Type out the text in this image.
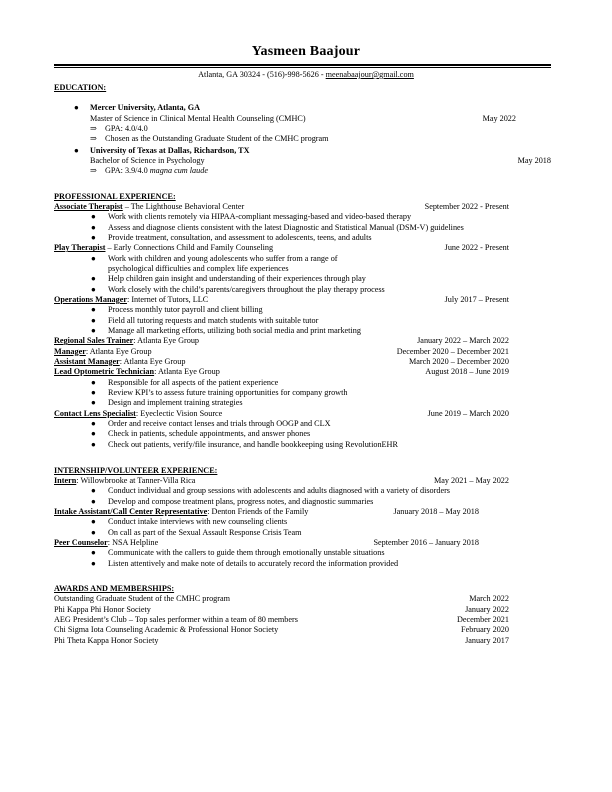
Yasmeen Baajour
Atlanta, GA 30324 - (516)-998-5626 - meenabaajour@gmail.com
EDUCATION:
● Mercer University, Atlanta, GA
Master of Science in Clinical Mental Health Counseling (CMHC)	May 2022
⇒ GPA: 4.0/4.0
⇒ Chosen as the Outstanding Graduate Student of the CMHC program
● University of Texas at Dallas, Richardson, TX
Bachelor of Science in Psychology	May 2018
⇒ GPA: 3.9/4.0 magna cum laude
PROFESSIONAL EXPERIENCE:
Associate Therapist – The Lighthouse Behavioral Center	September 2022 - Present
● Work with clients remotely via HIPAA-compliant messaging-based and video-based therapy
● Assess and diagnose clients consistent with the latest Diagnostic and Statistical Manual (DSM-V) guidelines
● Provide treatment, consultation, and assessment to adolescents, teens, and adults
Play Therapist – Early Connections Child and Family Counseling	June 2022 - Present
● Work with children and young adolescents who suffer from a range of
psychological difficulties and complex life experiences
● Help children gain insight and understanding of their experiences through play
● Work closely with the child’s parents/caregivers throughout the play therapy process
Operations Manager: Internet of Tutors, LLC	July 2017 – Present
● Process monthly tutor payroll and client billing
● Field all tutoring requests and match students with suitable tutor
● Manage all marketing efforts, utilizing both social media and print marketing
Regional Sales Trainer: Atlanta Eye Group	January 2022 – March 2022
Manager: Atlanta Eye Group	December 2020 – December 2021
Assistant Manager: Atlanta Eye Group	March 2020 – December 2020
Lead Optometric Technician: Atlanta Eye Group	August 2018 – June 2019
● Responsible for all aspects of the patient experience
● Review KPI’s to assess future training opportunities for company growth
● Design and implement training strategies
Contact Lens Specialist: Eyeclectic Vision Source	June 2019 – March 2020
● Order and receive contact lenses and trials through OOGP and CLX
● Check in patients, schedule appointments, and answer phones
● Check out patients, verify/file insurance, and handle bookkeeping using RevolutionEHR
INTERNSHIP/VOLUNTEER EXPERIENCE:
Intern: Willowbrooke at Tanner-Villa Rica	May 2021 – May 2022
● Conduct individual and group sessions with adolescents and adults diagnosed with a variety of disorders
● Develop and compose treatment plans, progress notes, and diagnostic summaries
Intake Assistant/Call Center Representative: Denton Friends of the Family	January 2018 – May 2018
● Conduct intake interviews with new counseling clients
● On call as part of the Sexual Assault Response Crisis Team
Peer Counselor: NSA Helpline	September 2016 – January 2018
● Communicate with the callers to guide them through emotionally unstable situations
● Listen attentively and make note of details to accurately record the information provided
AWARDS AND MEMBERSHIPS:
Outstanding Graduate Student of the CMHC program	March 2022
Phi Kappa Phi Honor Society	January 2022
AEG President’s Club – Top sales performer within a team of 80 members	December 2021
Chi Sigma Iota Counseling Academic & Professional Honor Society	February 2020
Phi Theta Kappa Honor Society	January 2017
